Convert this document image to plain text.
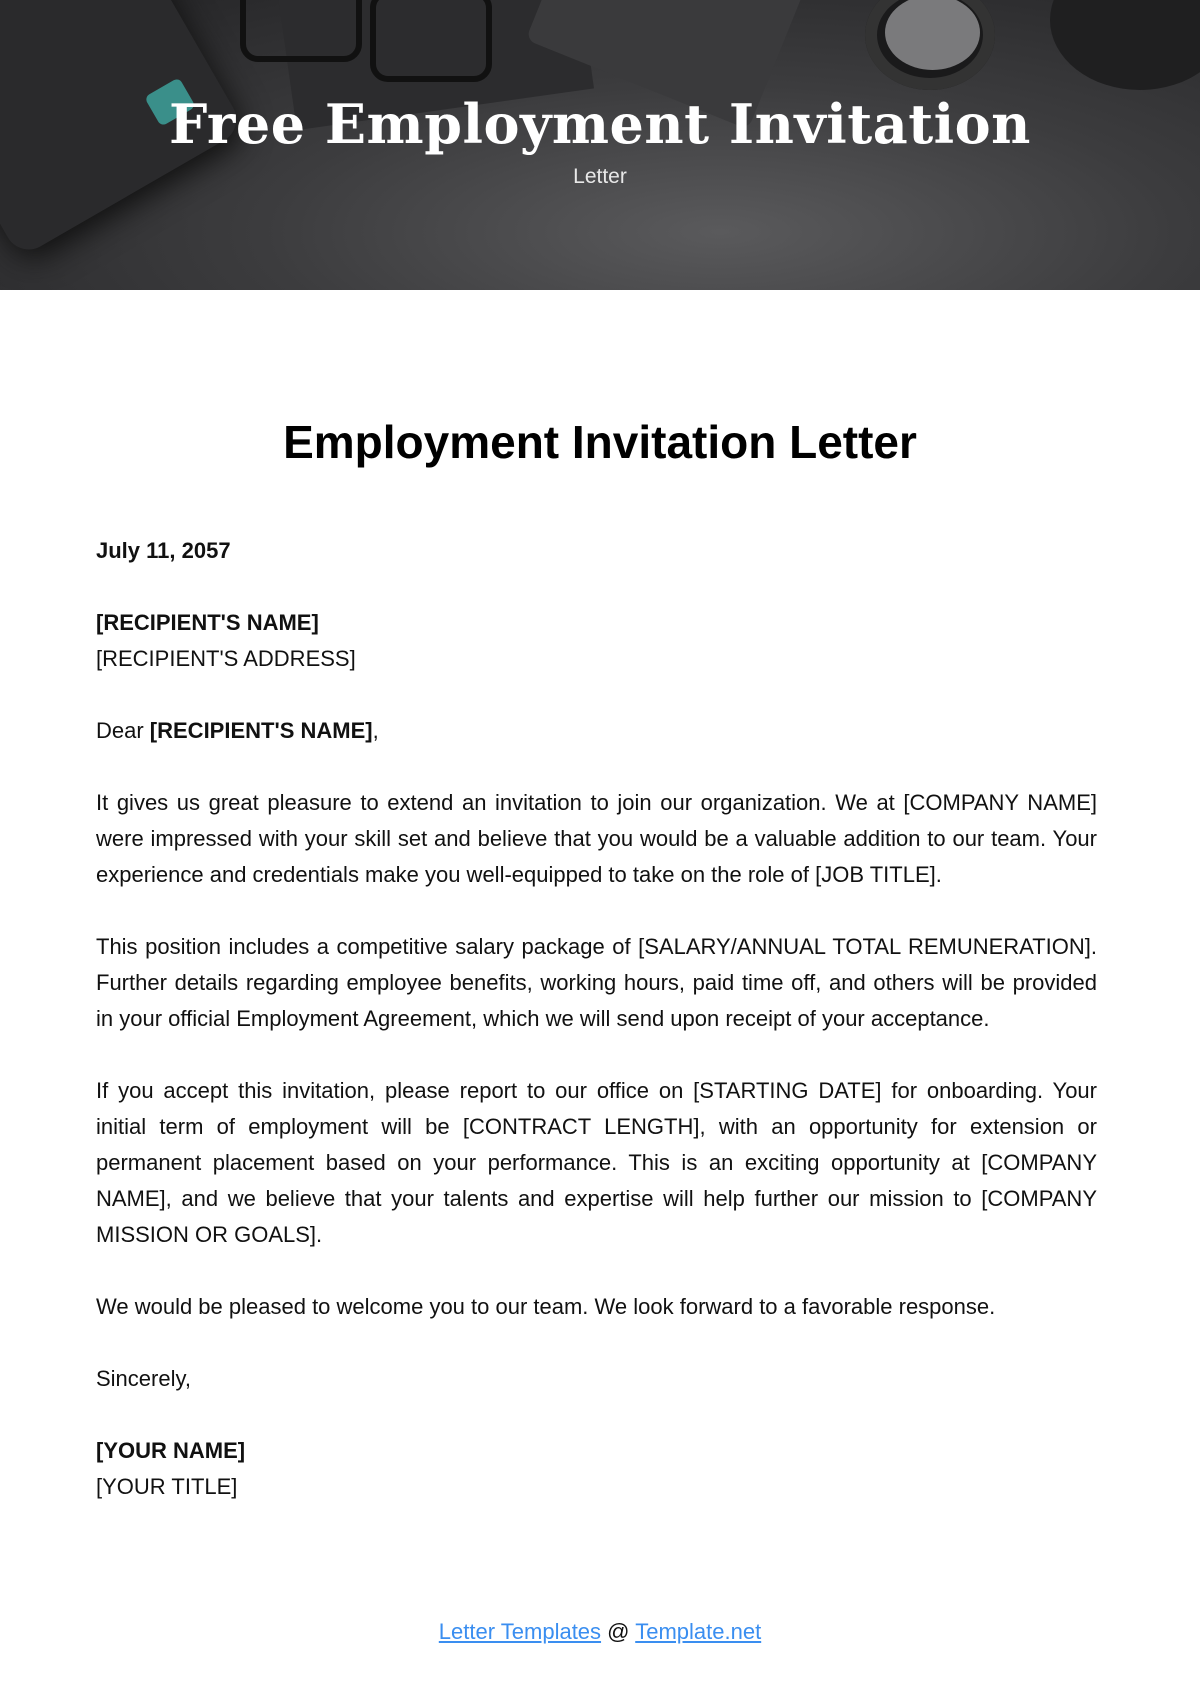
Free Employment Invitation
Letter
Employment Invitation Letter

July 11, 2057

[RECIPIENT'S NAME]

[RECIPIENT'S ADDRESS]

Dear [RECIPIENT'S NAME],

It gives us great pleasure to extend an invitation to join our organization. We at [COMPANY NAME] were impressed with your skill set and believe that you would be a valuable addition to our team. Your experience and credentials make you well-equipped to take on the role of [JOB TITLE].

This position includes a competitive salary package of [SALARY/ANNUAL TOTAL REMUNERATION]. Further details regarding employee benefits, working hours, paid time off, and others will be provided in your official Employment Agreement, which we will send upon receipt of your acceptance.

If you accept this invitation, please report to our office on [STARTING DATE] for onboarding. Your initial term of employment will be [CONTRACT LENGTH], with an opportunity for extension or permanent placement based on your performance. This is an exciting opportunity at [COMPANY NAME], and we believe that your talents and expertise will help further our mission to [COMPANY MISSION OR GOALS].

We would be pleased to welcome you to our team. We look forward to a favorable response.

Sincerely,

[YOUR NAME]

[YOUR TITLE]

Letter Templates @ Template.net
